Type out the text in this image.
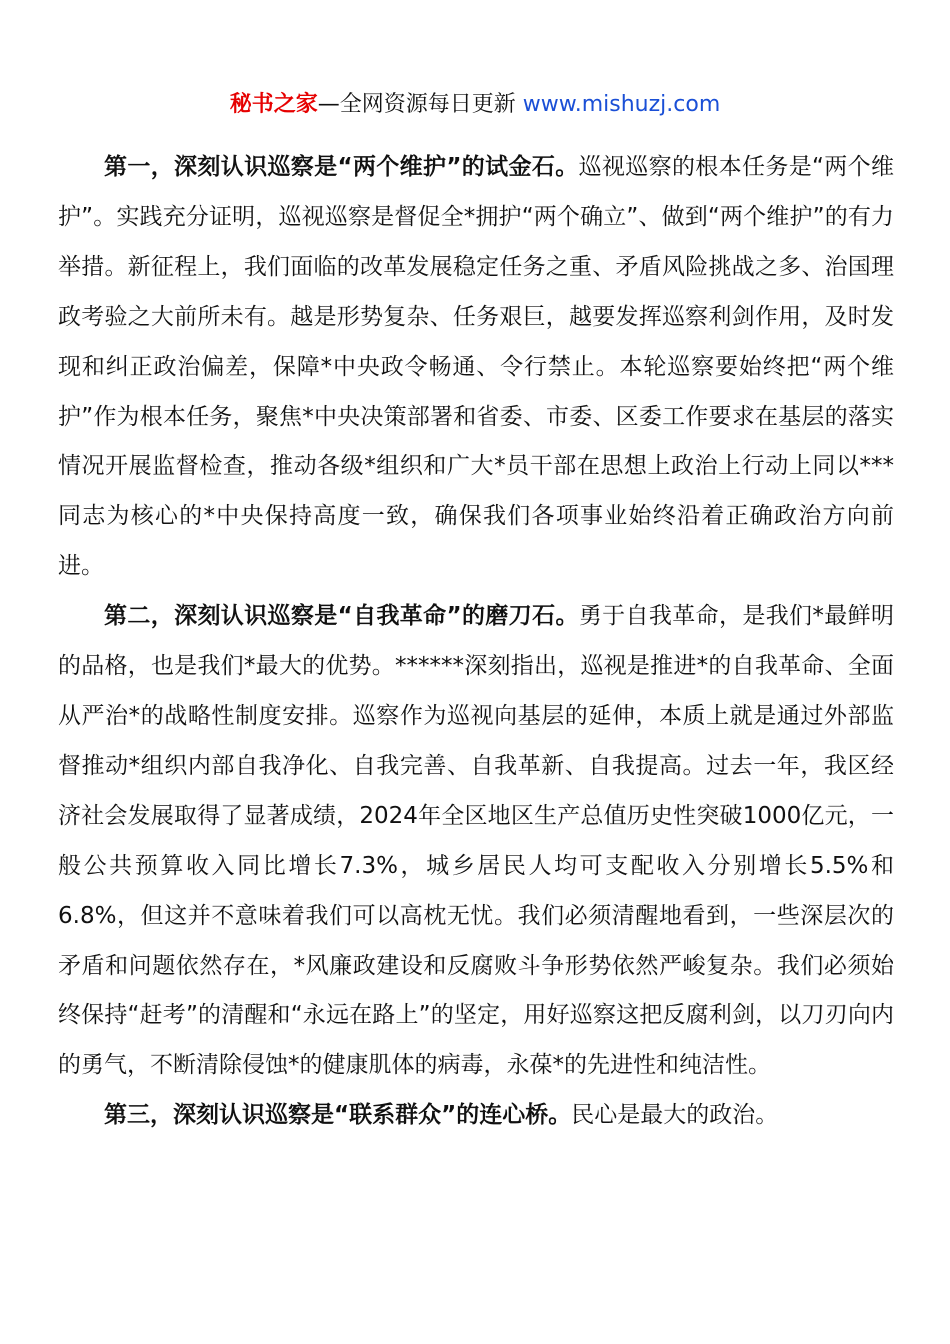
秘书之家—全网资源每日更新 www.mishuzj.com

第一，深刻认识巡察是“两个维护”的试金石。巡视巡察的根本任务是“两个维护”。实践充分证明，巡视巡察是督促全*拥护“两个确立”、做到“两个维护”的有力举措。新征程上，我们面临的改革发展稳定任务之重、矛盾风险挑战之多、治国理政考验之大前所未有。越是形势复杂、任务艰巨，越要发挥巡察利剑作用，及时发现和纠正政治偏差，保障*中央政令畅通、令行禁止。本轮巡察要始终把“两个维护”作为根本任务，聚焦*中央决策部署和省委、市委、区委工作要求在基层的落实情况开展监督检查，推动各级*组织和广大*员干部在思想上政治上行动上同以***同志为核心的*中央保持高度一致，确保我们各项事业始终沿着正确政治方向前进。

第二，深刻认识巡察是“自我革命”的磨刀石。勇于自我革命，是我们*最鲜明的品格，也是我们*最大的优势。******深刻指出，巡视是推进*的自我革命、全面从严治*的战略性制度安排。巡察作为巡视向基层的延伸，本质上就是通过外部监督推动*组织内部自我净化、自我完善、自我革新、自我提高。过去一年，我区经济社会发展取得了显著成绩，2024年全区地区生产总值历史性突破1000亿元，一般公共预算收入同比增长7.3%，城乡居民人均可支配收入分别增长5.5%和6.8%，但这并不意味着我们可以高枕无忧。我们必须清醒地看到，一些深层次的矛盾和问题依然存在，*风廉政建设和反腐败斗争形势依然严峻复杂。我们必须始终保持“赶考”的清醒和“永远在路上”的坚定，用好巡察这把反腐利剑，以刀刃向内的勇气，不断清除侵蚀*的健康肌体的病毒，永葆*的先进性和纯洁性。

第三，深刻认识巡察是“联系群众”的连心桥。民心是最大的政治。
